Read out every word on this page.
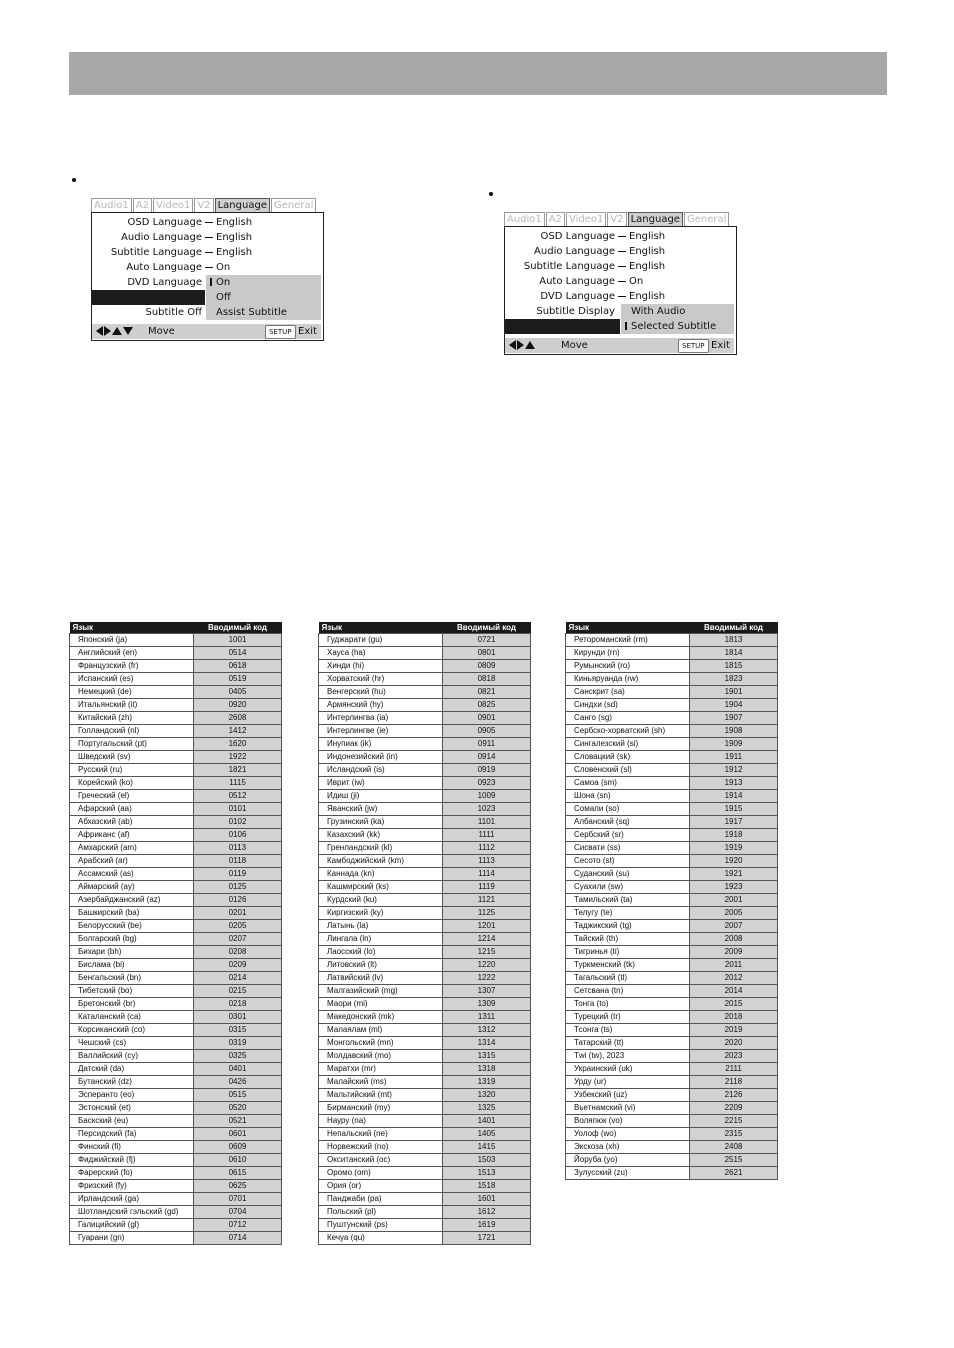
Audio1 A2 Video1 V2 Language General
OSD Language English
Audio Language English
Subtitle Language English
Auto Language On
DVD Language
Subtitle Display
Subtitle Off
On
Off
Assist Subtitle
Move	SETUP Exit
Audio1 A2 Video1 V2 Language General
OSD Language English
Audio Language English
Subtitle Language English
Auto Language On
DVD Language English
Subtitle Display
Subtitle Off
With Audio
Selected Subtitle
Move	SETUP Exit
Язык	Вводимый код
Японский (ja)	1001
Английский (en)	0514
Французский (fr)	0618
Испанский (es)	0519
Немецкий (de)	0405
Итальянский (it)	0920
Китайский (zh)	2608
Голландский (nl)	1412
Португальский (pt)	1620
Шведский (sv)	1922
Русский (ru)	1821
Корейский (ko)	1115
Греческий (el)	0512
Афарский (aa)	0101
Абхазский (ab)	0102
Африканс (af)	0106
Амхарский (am)	0113
Арабский (ar)	0118
Ассамский (as)	0119
Аймарский (ay)	0125
Азербайджанский (az)	0126
Башкирский (ba)	0201
Белорусский (be)	0205
Болгарский (bg)	0207
Бихари (bh)	0208
Бислама (bi)	0209
Бенгальский (bn)	0214
Тибетский (bo)	0215
Бретонский (br)	0218
Каталанский (ca)	0301
Корсиканский (co)	0315
Чешский (cs)	0319
Валлийский (cy)	0325
Датский (da)	0401
Бутанский (dz)	0426
Эсперанто (eo)	0515
Эстонский (et)	0520
Баскский (eu)	0521
Персидский (fa)	0601
Финский (fi)	0609
Фиджийский (fj)	0610
Фарерский (fo)	0615
Фризский (fy)	0625
Ирландский (ga)	0701
Шотландский гэльский (gd)	0704
Галицийский (gl)	0712
Гуарани (gn)	0714
Язык	Вводимый код
Гуджарати (gu)	0721
Хауса (ha)	0801
Хинди (hi)	0809
Хорватский (hr)	0818
Венгерский (hu)	0821
Армянский (hy)	0825
Интерлингва (ia)	0901
Интерлингве (ie)	0905
Инупиак (ik)	0911
Индонезийский (in)	0914
Исландский (is)	0919
Иврит (iw)	0923
Идиш (ji)	1009
Яванский (jw)	1023
Грузинский (ka)	1101
Казахский (kk)	1111
Гренландский (kl)	1112
Камбоджийский (km)	1113
Каннада (kn)	1114
Кашмирский (ks)	1119
Курдский (ku)	1121
Киргизский (ky)	1125
Латынь (la)	1201
Лингала (ln)	1214
Лаосский (lo)	1215
Литовский (lt)	1220
Латвийский (lv)	1222
Малгазийский (mg)	1307
Маори (mi)	1309
Македонский (mk)	1311
Малаялам (ml)	1312
Монгольский (mn)	1314
Молдавский (mo)	1315
Маратхи (mr)	1318
Малайский (ms)	1319
Мальтийский (mt)	1320
Бирманский (my)	1325
Науру (na)	1401
Непальский (ne)	1405
Норвежский (no)	1415
Окситанский (oc)	1503
Оромо (om)	1513
Ория (or)	1518
Панджаби (pa)	1601
Польский (pl)	1612
Пуштунский (ps)	1619
Кечуа (qu)	1721
Язык	Вводимый код
Ретороманский (rm)	1813
Кирунди (rn)	1814
Румынский (ro)	1815
Киньяруанда (rw)	1823
Санскрит (sa)	1901
Синдхи (sd)	1904
Санго (sg)	1907
Сербско-хорватский (sh)	1908
Сингалезский (si)	1909
Словацкий (sk)	1911
Словенский (sl)	1912
Самоа (sm)	1913
Шона (sn)	1914
Сомали (so)	1915
Албанский (sq)	1917
Сербский (sr)	1918
Сисвати (ss)	1919
Сесото (st)	1920
Суданский (su)	1921
Суахили (sw)	1923
Тамильский (ta)	2001
Телугу (te)	2005
Таджикский (tg)	2007
Тайский (th)	2008
Тигринья (ti)	2009
Туркменский (tk)	2011
Тагальский (tl)	2012
Сетсвана (tn)	2014
Тонга (to)	2015
Турецкий (tr)	2018
Тсонга (ts)	2019
Татарский (tt)	2020
Тwi (tw), 2023	2023
Украинский (uk)	2111
Урду (ur)	2118
Узбекский (uz)	2126
Вьетнамский (vi)	2209
Воляпюк (vo)	2215
Уолоф (wo)	2315
Экскоза (xh)	2408
Йоруба (yo)	2515
Зулусский (zu)	2621
